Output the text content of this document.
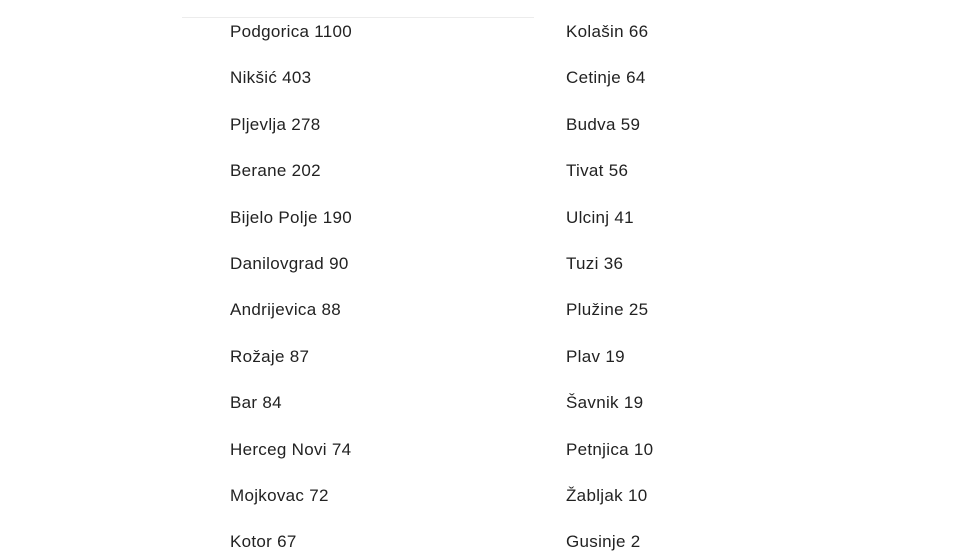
Podgorica 1100
Nikšić 403
Pljevlja 278
Berane 202
Bijelo Polje 190
Danilovgrad 90
Andrijevica 88
Rožaje 87
Bar 84
Herceg Novi 74
Mojkovac 72
Kotor 67
Kolašin 66
Cetinje 64
Budva 59
Tivat 56
Ulcinj 41
Tuzi 36
Plužine 25
Plav 19
Šavnik 19
Petnjica 10
Žabljak 10
Gusinje 2
